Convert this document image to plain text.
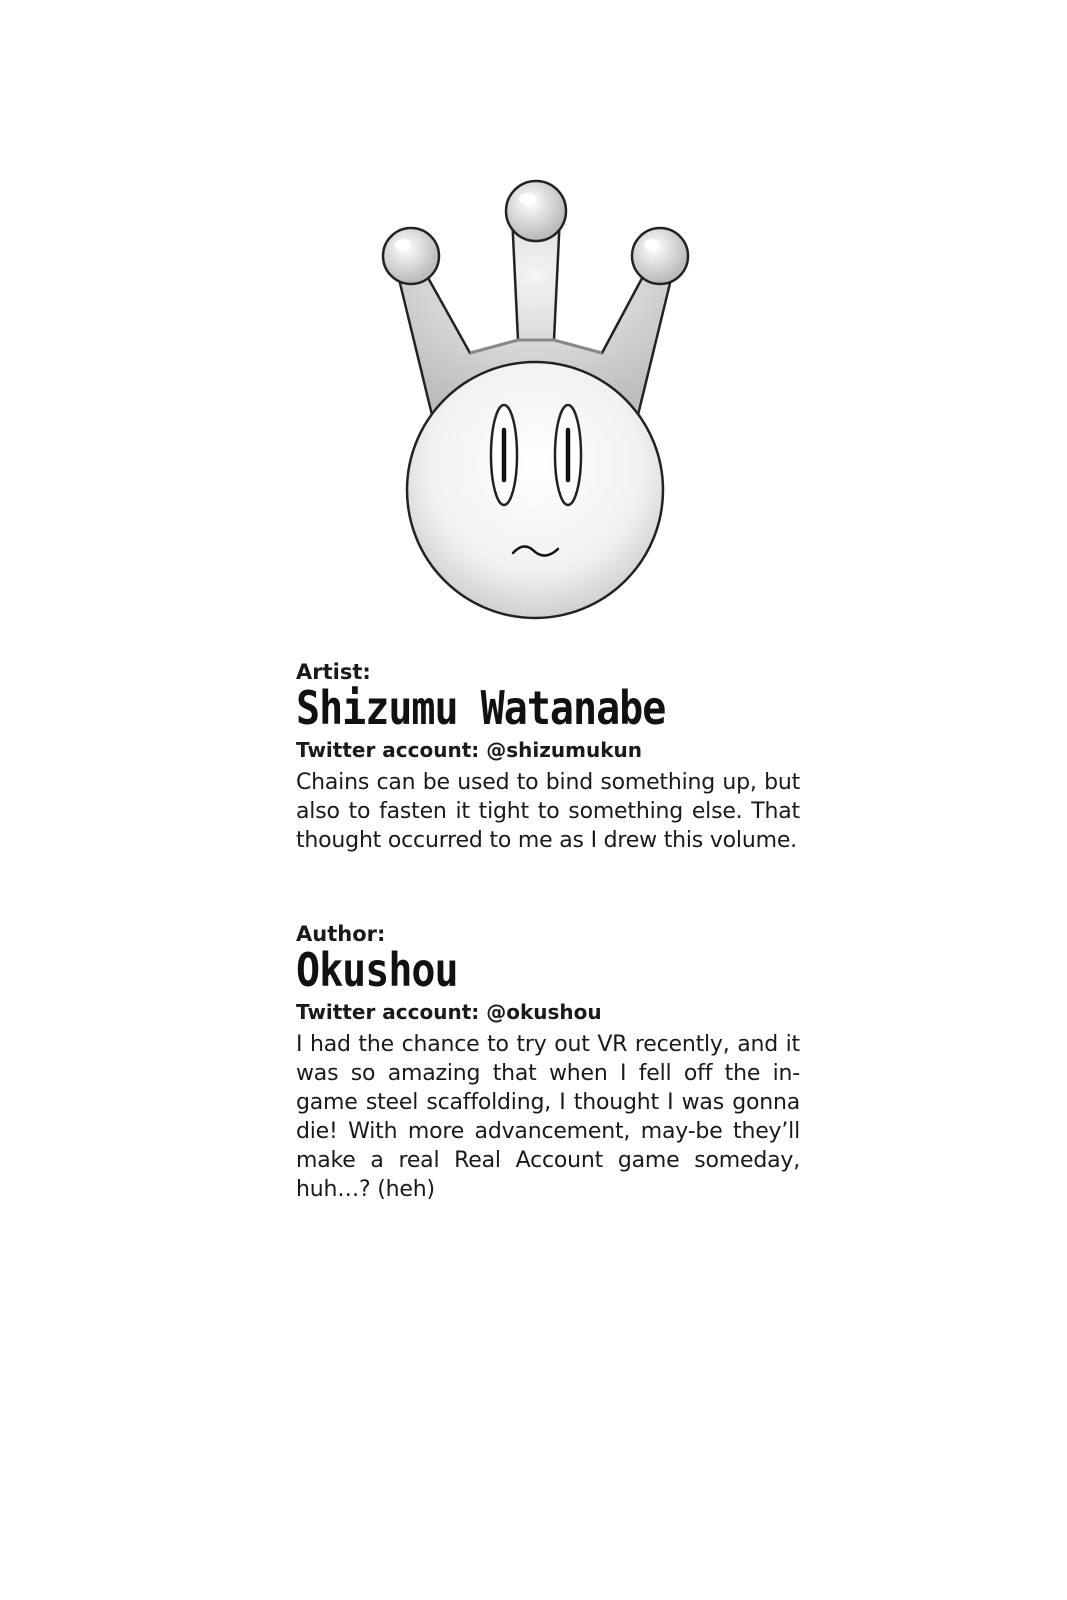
Artist:

Shizumu Watanabe

Twitter account: @shizumukun

Chains can be used to bind something up, but also to fasten it tight to something else. That thought occurred to me as I drew this volume.

Author:

Okushou

Twitter account: @okushou

I had the chance to try out VR recently, and it was so amazing that when I fell off the in-game steel scaffolding, I thought I was gonna die! With more advancement, may-be they’ll make a real Real Account game someday, huh…? (heh)
